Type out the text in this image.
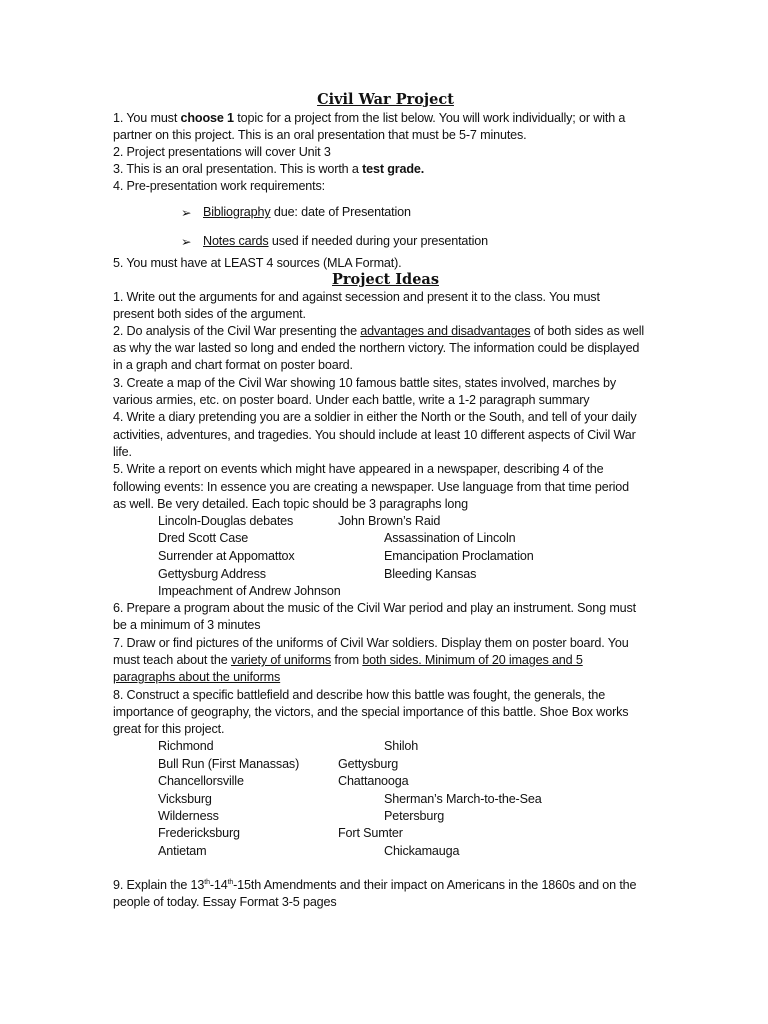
Civil War Project
1. You must choose 1 topic for a project from the list below. You will work individually; or with a
partner on this project. This is an oral presentation that must be 5-7 minutes.
2. Project presentations will cover Unit 3
3. This is an oral presentation. This is worth a test grade.
4. Pre-presentation work requirements:
➢ Bibliography due: date of Presentation
➢ Notes cards used if needed during your presentation
5. You must have at LEAST 4 sources (MLA Format).
Project Ideas
1. Write out the arguments for and against secession and present it to the class. You must
present both sides of the argument.
2. Do analysis of the Civil War presenting the advantages and disadvantages of both sides as well
as why the war lasted so long and ended the northern victory. The information could be displayed
in a graph and chart format on poster board.
3. Create a map of the Civil War showing 10 famous battle sites, states involved, marches by
various armies, etc. on poster board. Under each battle, write a 1-2 paragraph summary
4. Write a diary pretending you are a soldier in either the North or the South, and tell of your daily
activities, adventures, and tragedies. You should include at least 10 different aspects of Civil War
life.
5. Write a report on events which might have appeared in a newspaper, describing 4 of the
following events: In essence you are creating a newspaper. Use language from that time period
as well. Be very detailed. Each topic should be 3 paragraphs long
Lincoln-Douglas debates	John Brown’s Raid
Dred Scott Case	Assassination of Lincoln
Surrender at Appomattox	Emancipation Proclamation
Gettysburg Address	Bleeding Kansas
Impeachment of Andrew Johnson
6. Prepare a program about the music of the Civil War period and play an instrument. Song must
be a minimum of 3 minutes
7. Draw or find pictures of the uniforms of Civil War soldiers. Display them on poster board. You
must teach about the variety of uniforms from both sides. Minimum of 20 images and 5
paragraphs about the uniforms
8. Construct a specific battlefield and describe how this battle was fought, the generals, the
importance of geography, the victors, and the special importance of this battle. Shoe Box works
great for this project.
Richmond	Shiloh
Bull Run (First Manassas)	Gettysburg
Chancellorsville	Chattanooga
Vicksburg	Sherman’s March-to-the-Sea
Wilderness	Petersburg
Fredericksburg	Fort Sumter
Antietam	Chickamauga
9. Explain the 13th-14th-15th Amendments and their impact on Americans in the 1860s and on the
people of today. Essay Format 3-5 pages
